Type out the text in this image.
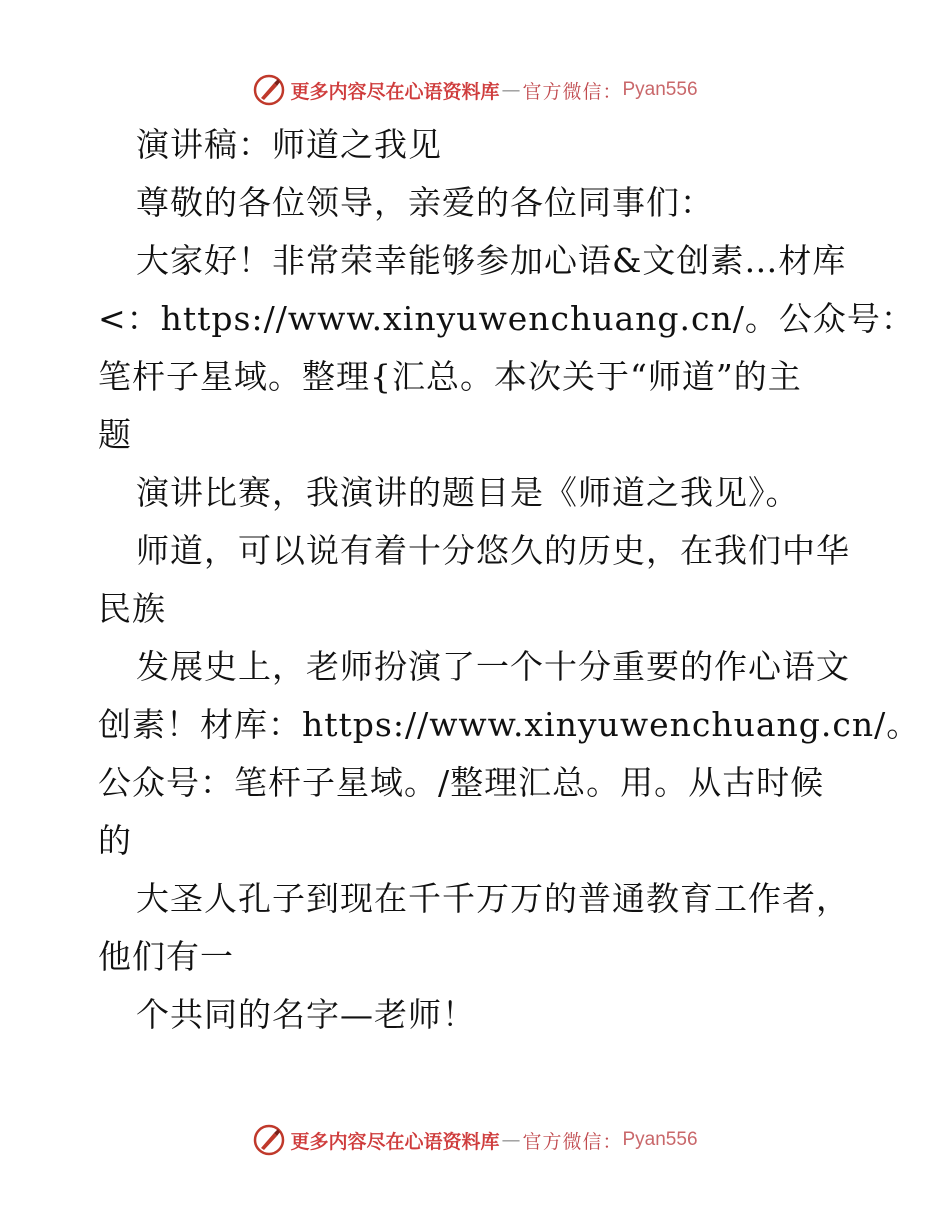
更多内容尽在心语资料库 — 官方微信： Pyan556
演讲稿：师道之我见
尊敬的各位领导，亲爱的各位同事们：
大家好！非常荣幸能够参加心语&文创素…材库
<：https://www.xinyuwenchuang.cn/。公众号：
笔杆子星域。整理{汇总。本次关于“师道”的主
题
演讲比赛，我演讲的题目是《师道之我见》。
师道，可以说有着十分悠久的历史，在我们中华
民族
发展史上，老师扮演了一个十分重要的作心语文
创素！材库：https://www.xinyuwenchuang.cn/。
公众号：笔杆子星域。/整理汇总。用。从古时候
的
大圣人孔子到现在千千万万的普通教育工作者，
他们有一
个共同的名字—老师！
更多内容尽在心语资料库 — 官方微信： Pyan556
